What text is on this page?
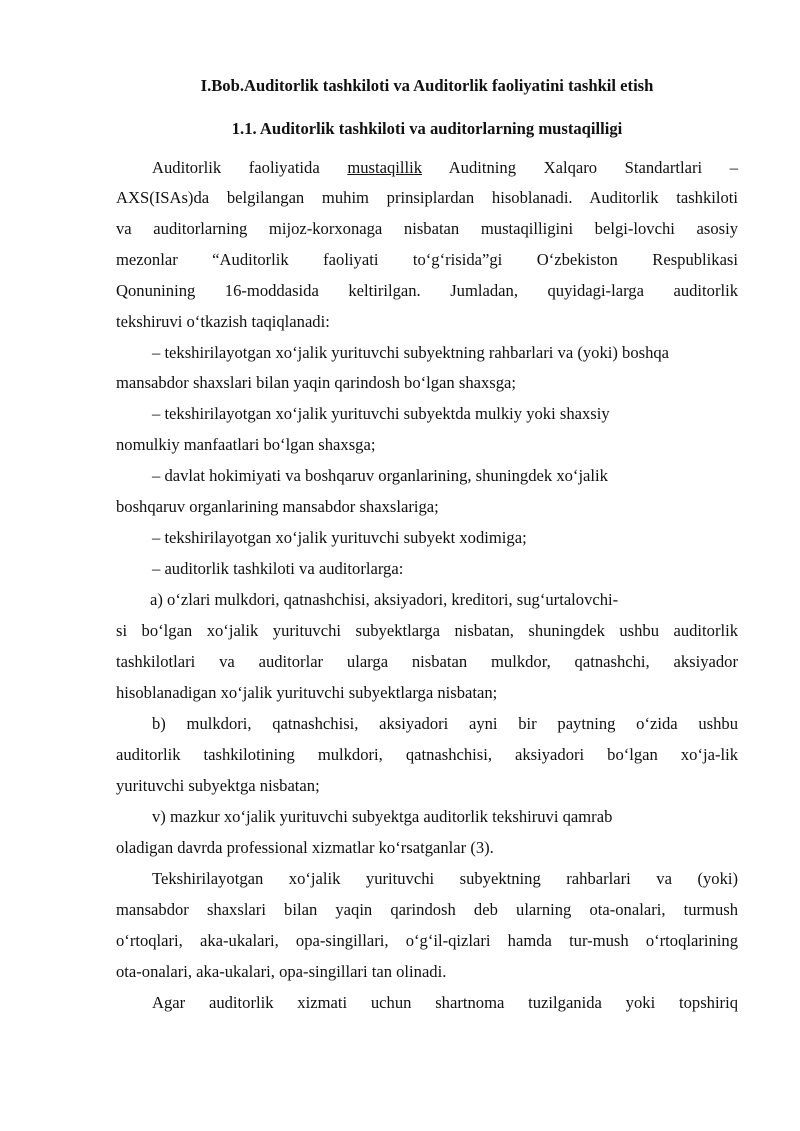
I.Bob.Auditorlik tashkiloti va Auditorlik faoliyatini tashkil etish
1.1. Auditorlik tashkiloti va auditorlarning mustaqilligi
Auditorlik faoliyatida mustaqillik Auditning Xalqaro Standartlari –
AXS(ISAs)da belgilangan muhim prinsiplardan hisoblanadi. Auditorlik tashkiloti
va auditorlarning mijoz-korxonaga nisbatan mustaqilligini belgi-lovchi asosiy
mezonlar “Auditorlik faoliyati to‘g‘risida”gi O‘zbekiston Respublikasi
Qonunining 16-moddasida keltirilgan. Jumladan, quyidagi-larga auditorlik
tekshiruvi o‘tkazish taqiqlanadi:
– tekshirilayotgan xo‘jalik yurituvchi subyektning rahbarlari va (yoki) boshqa
mansabdor shaxslari bilan yaqin qarindosh bo‘lgan shaxsga;
– tekshirilayotgan xo‘jalik yurituvchi subyektda mulkiy yoki shaxsiy
nomulkiy manfaatlari bo‘lgan shaxsga;
– davlat hokimiyati va boshqaruv organlarining, shuningdek xo‘jalik
boshqaruv organlarining mansabdor shaxslariga;
– tekshirilayotgan xo‘jalik yurituvchi subyekt xodimiga;
– auditorlik tashkiloti va auditorlarga:
a) o‘zlari mulkdori, qatnashchisi, aksiyadori, kreditori, sug‘urtalovchi-
si bo‘lgan xo‘jalik yurituvchi subyektlarga nisbatan, shuningdek ushbu auditorlik
tashkilotlari va auditorlar ularga nisbatan mulkdor, qatnashchi, aksiyador
hisoblanadigan xo‘jalik yurituvchi subyektlarga nisbatan;
b) mulkdori, qatnashchisi, aksiyadori ayni bir paytning o‘zida ushbu
auditorlik tashkilotining mulkdori, qatnashchisi, aksiyadori bo‘lgan xo‘ja-lik
yurituvchi subyektga nisbatan;
v) mazkur xo‘jalik yurituvchi subyektga auditorlik tekshiruvi qamrab
oladigan davrda professional xizmatlar ko‘rsatganlar (3).
Tekshirilayotgan xo‘jalik yurituvchi subyektning rahbarlari va (yoki)
mansabdor shaxslari bilan yaqin qarindosh deb ularning ota-onalari, turmush
o‘rtoqlari, aka-ukalari, opa-singillari, o‘g‘il-qizlari hamda tur-mush o‘rtoqlarining
ota-onalari, aka-ukalari, opa-singillari tan olinadi.
Agar auditorlik xizmati uchun shartnoma tuzilganida yoki topshiriq
